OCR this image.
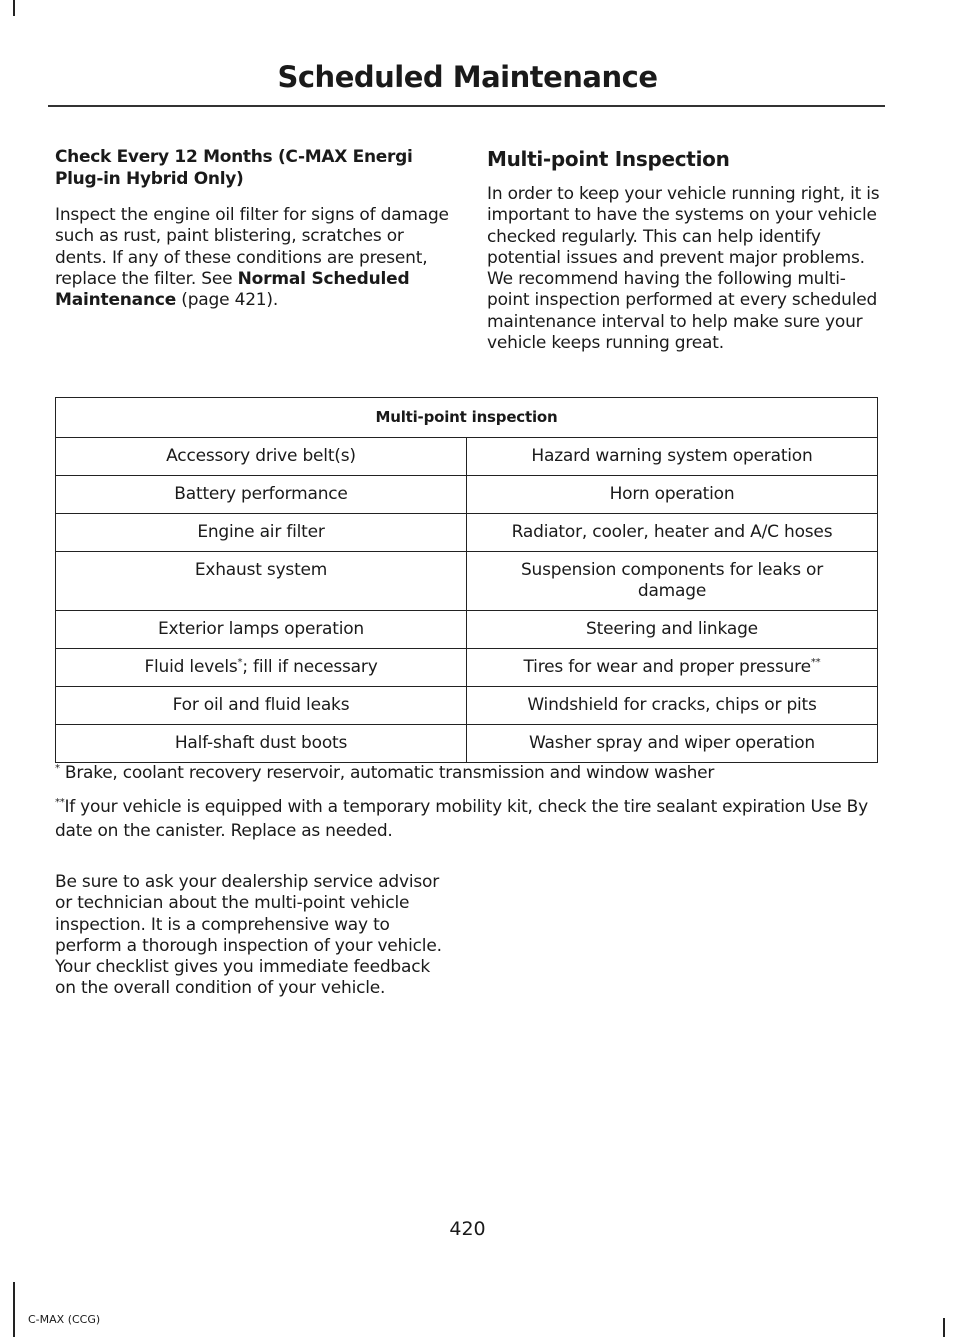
Scheduled Maintenance
Check Every 12 Months (C-MAX Energi Plug-in Hybrid Only)

Inspect the engine oil filter for signs of damage such as rust, paint blistering, scratches or dents. If any of these conditions are present, replace the filter. See Normal Scheduled Maintenance (page 421).

Multi-point Inspection

In order to keep your vehicle running right, it is important to have the systems on your vehicle checked regularly. This can help identify potential issues and prevent major problems. We recommend having the following multi-point inspection performed at every scheduled maintenance interval to help make sure your vehicle keeps running great.

Multi-point inspection	
Accessory drive belt(s)	Hazard warning system operation
Battery performance	Horn operation
Engine air filter	Radiator, cooler, heater and A/C hoses
Exhaust system	Suspension components for leaks or damage
Exterior lamps operation	Steering and linkage
Fluid levels*; fill if necessary	Tires for wear and proper pressure**
For oil and fluid leaks	Windshield for cracks, chips or pits
Half-shaft dust boots	Washer spray and wiper operation

* Brake, coolant recovery reservoir, automatic transmission and window washer

**If your vehicle is equipped with a temporary mobility kit, check the tire sealant expiration Use By date on the canister. Replace as needed.

Be sure to ask your dealership service advisor or technician about the multi-point vehicle inspection. It is a comprehensive way to perform a thorough inspection of your vehicle. Your checklist gives you immediate feedback on the overall condition of your vehicle.

420
C-MAX (CCG)
